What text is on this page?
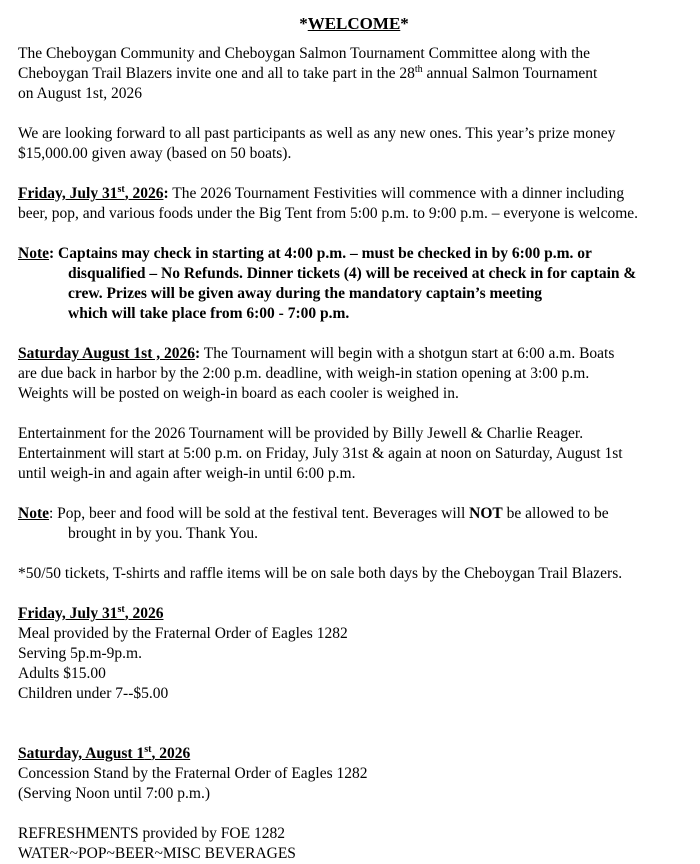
*WELCOME*

The Cheboygan Community and Cheboygan Salmon Tournament Committee along with the

Cheboygan Trail Blazers invite one and all to take part in the 28th annual Salmon Tournament

on August 1st, 2026

We are looking forward to all past participants as well as any new ones. This year’s prize money

$15,000.00 given away (based on 50 boats).

Friday, July 31st, 2026: The 2026 Tournament Festivities will commence with a dinner including

beer, pop, and various foods under the Big Tent from 5:00 p.m. to 9:00 p.m. – everyone is welcome.

Note: Captains may check in starting at 4:00 p.m. – must be checked in by 6:00 p.m. or

disqualified – No Refunds. Dinner tickets (4) will be received at check in for captain &

crew. Prizes will be given away during the mandatory captain’s meeting

which will take place from 6:00 - 7:00 p.m.

Saturday August 1st , 2026: The Tournament will begin with a shotgun start at 6:00 a.m. Boats

are due back in harbor by the 2:00 p.m. deadline, with weigh-in station opening at 3:00 p.m.

Weights will be posted on weigh-in board as each cooler is weighed in.

Entertainment for the 2026 Tournament will be provided by Billy Jewell & Charlie Reager.

Entertainment will start at 5:00 p.m. on Friday, July 31st & again at noon on Saturday, August 1st

until weigh-in and again after weigh-in until 6:00 p.m.

Note: Pop, beer and food will be sold at the festival tent. Beverages will NOT be allowed to be

brought in by you. Thank You.

*50/50 tickets, T-shirts and raffle items will be on sale both days by the Cheboygan Trail Blazers.

Friday, July 31st, 2026

Meal provided by the Fraternal Order of Eagles 1282

Serving 5p.m-9p.m.

Adults $15.00

Children under 7--$5.00

Saturday, August 1st, 2026

Concession Stand by the Fraternal Order of Eagles 1282

(Serving Noon until 7:00 p.m.)

REFRESHMENTS provided by FOE 1282

WATER~POP~BEER~MISC BEVERAGES
